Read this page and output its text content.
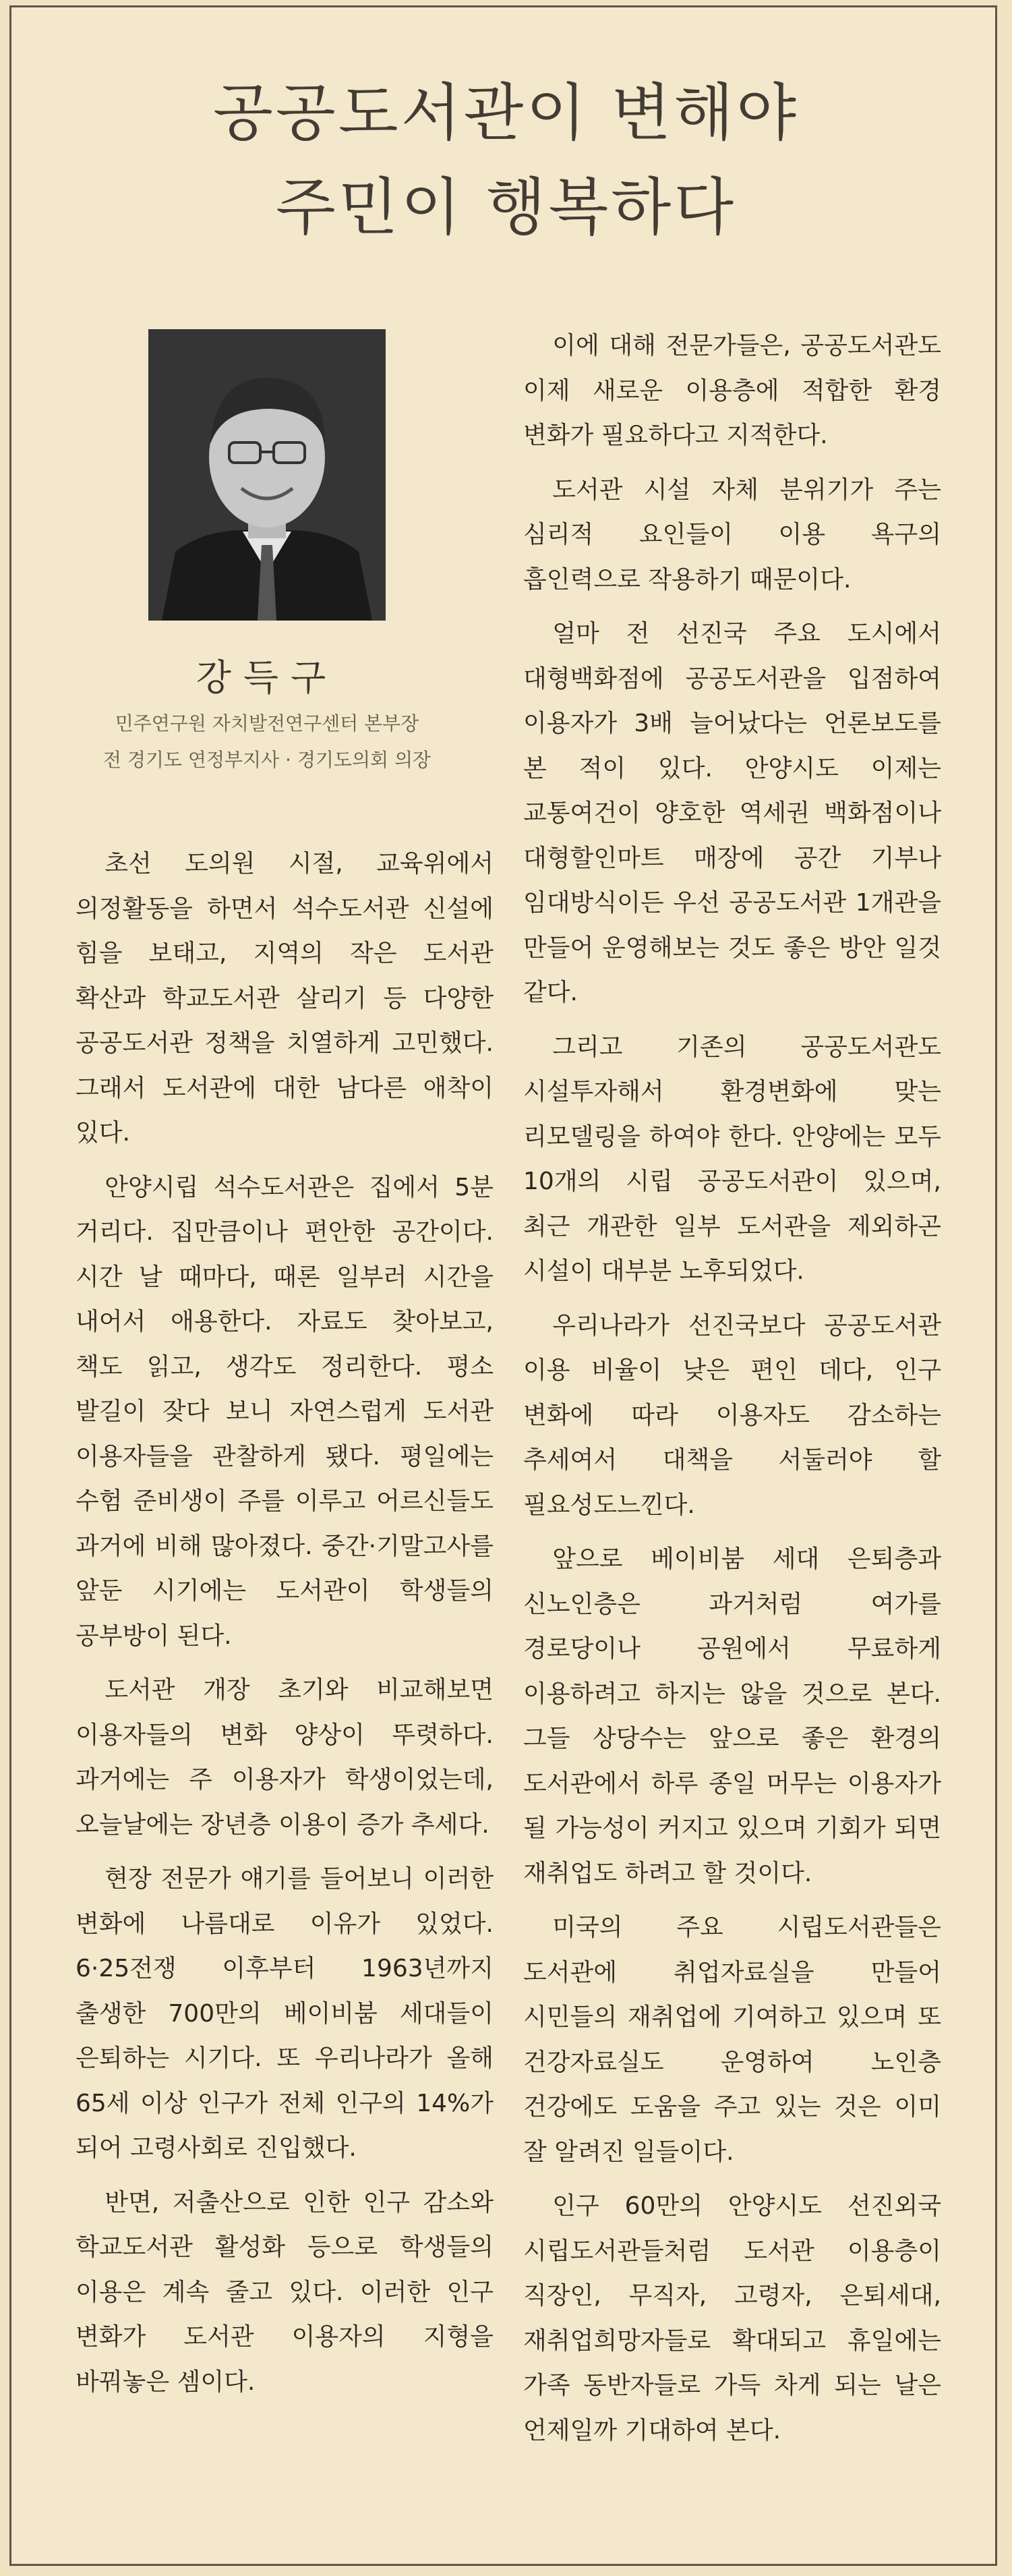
공공도서관이 변해야
주민이 행복하다
강득구
민주연구원 자치발전연구센터 본부장
전 경기도 연정부지사 · 경기도의회 의장

초선 도의원 시절, 교육위에서 의정활동을 하면서 석수도서관 신설에 힘을 보태고, 지역의 작은 도서관 확산과 학교도서관 살리기 등 다양한 공공도서관 정책을 치열하게 고민했다. 그래서 도서관에 대한 남다른 애착이 있다.

안양시립 석수도서관은 집에서 5분 거리다. 집만큼이나 편안한 공간이다. 시간 날 때마다, 때론 일부러 시간을 내어서 애용한다. 자료도 찾아보고, 책도 읽고, 생각도 정리한다. 평소 발길이 잦다 보니 자연스럽게 도서관 이용자들을 관찰하게 됐다. 평일에는 수험 준비생이 주를 이루고 어르신들도 과거에 비해 많아졌다. 중간·기말고사를 앞둔 시기에는 도서관이 학생들의 공부방이 된다.

도서관 개장 초기와 비교해보면 이용자들의 변화 양상이 뚜렷하다. 과거에는 주 이용자가 학생이었는데, 오늘날에는 장년층 이용이 증가 추세다.

현장 전문가 얘기를 들어보니 이러한 변화에 나름대로 이유가 있었다. 6·25전쟁 이후부터 1963년까지 출생한 700만의 베이비붐 세대들이 은퇴하는 시기다. 또 우리나라가 올해 65세 이상 인구가 전체 인구의 14%가 되어 고령사회로 진입했다.

반면, 저출산으로 인한 인구 감소와 학교도서관 활성화 등으로 학생들의 이용은 계속 줄고 있다. 이러한 인구 변화가 도서관 이용자의 지형을 바꿔놓은 셈이다.

이에 대해 전문가들은, 공공도서관도 이제 새로운 이용층에 적합한 환경 변화가 필요하다고 지적한다.

도서관 시설 자체 분위기가 주는 심리적 요인들이 이용 욕구의 흡인력으로 작용하기 때문이다.

얼마 전 선진국 주요 도시에서 대형백화점에 공공도서관을 입점하여 이용자가 3배 늘어났다는 언론보도를 본 적이 있다. 안양시도 이제는 교통여건이 양호한 역세권 백화점이나 대형할인마트 매장에 공간 기부나 임대방식이든 우선 공공도서관 1개관을 만들어 운영해보는 것도 좋은 방안 일것 같다.

그리고 기존의 공공도서관도 시설투자해서 환경변화에 맞는 리모델링을 하여야 한다. 안양에는 모두 10개의 시립 공공도서관이 있으며, 최근 개관한 일부 도서관을 제외하곤 시설이 대부분 노후되었다.

우리나라가 선진국보다 공공도서관 이용 비율이 낮은 편인 데다, 인구 변화에 따라 이용자도 감소하는 추세여서 대책을 서둘러야 할 필요성도느낀다.

앞으로 베이비붐 세대 은퇴층과 신노인층은 과거처럼 여가를 경로당이나 공원에서 무료하게 이용하려고 하지는 않을 것으로 본다. 그들 상당수는 앞으로 좋은 환경의 도서관에서 하루 종일 머무는 이용자가 될 가능성이 커지고 있으며 기회가 되면 재취업도 하려고 할 것이다.

미국의 주요 시립도서관들은 도서관에 취업자료실을 만들어 시민들의 재취업에 기여하고 있으며 또 건강자료실도 운영하여 노인층 건강에도 도움을 주고 있는 것은 이미 잘 알려진 일들이다.

인구 60만의 안양시도 선진외국 시립도서관들처럼 도서관 이용층이 직장인, 무직자, 고령자, 은퇴세대, 재취업희망자들로 확대되고 휴일에는 가족 동반자들로 가득 차게 되는 날은 언제일까 기대하여 본다.
